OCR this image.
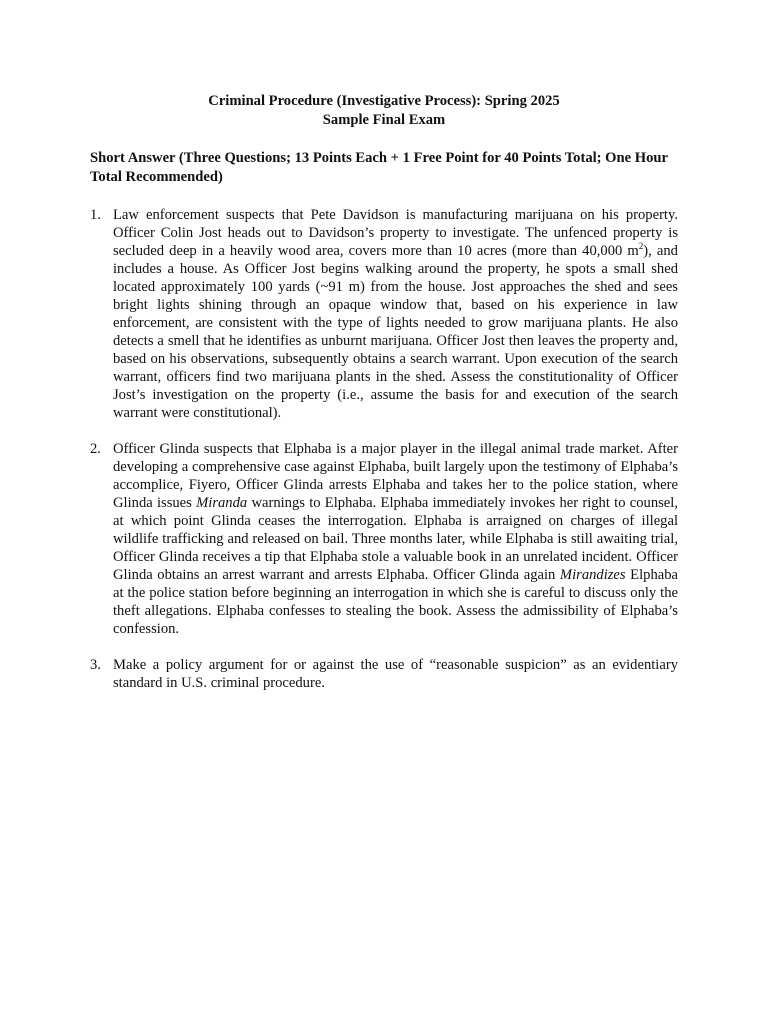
Criminal Procedure (Investigative Process): Spring 2025
Sample Final Exam
Short Answer (Three Questions; 13 Points Each + 1 Free Point for 40 Points Total; One Hour Total Recommended)
1. Law enforcement suspects that Pete Davidson is manufacturing marijuana on his property. Officer Colin Jost heads out to Davidson’s property to investigate. The unfenced property is secluded deep in a heavily wood area, covers more than 10 acres (more than 40,000 $m^2$), and includes a house. As Officer Jost begins walking around the property, he spots a small shed located approximately 100 yards (~91 m) from the house. Jost approaches the shed and sees bright lights shining through an opaque window that, based on his experience in law enforcement, are consistent with the type of lights needed to grow marijuana plants. He also detects a smell that he identifies as unburnt marijuana. Officer Jost then leaves the property and, based on his observations, subsequently obtains a search warrant. Upon execution of the search warrant, officers find two marijuana plants in the shed. Assess the constitutionality of Officer Jost’s investigation on the property (i.e., assume the basis for and execution of the search warrant were constitutional).
2. Officer Glinda suspects that Elphaba is a major player in the illegal animal trade market. After developing a comprehensive case against Elphaba, built largely upon the testimony of Elphaba’s accomplice, Fiyero, Officer Glinda arrests Elphaba and takes her to the police station, where Glinda issues Miranda warnings to Elphaba. Elphaba immediately invokes her right to counsel, at which point Glinda ceases the interrogation. Elphaba is arraigned on charges of illegal wildlife trafficking and released on bail. Three months later, while Elphaba is still awaiting trial, Officer Glinda receives a tip that Elphaba stole a valuable book in an unrelated incident. Officer Glinda obtains an arrest warrant and arrests Elphaba. Officer Glinda again Mirandizes Elphaba at the police station before beginning an interrogation in which she is careful to discuss only the theft allegations. Elphaba confesses to stealing the book. Assess the admissibility of Elphaba’s confession.
3. Make a policy argument for or against the use of “reasonable suspicion” as an evidentiary standard in U.S. criminal procedure.
